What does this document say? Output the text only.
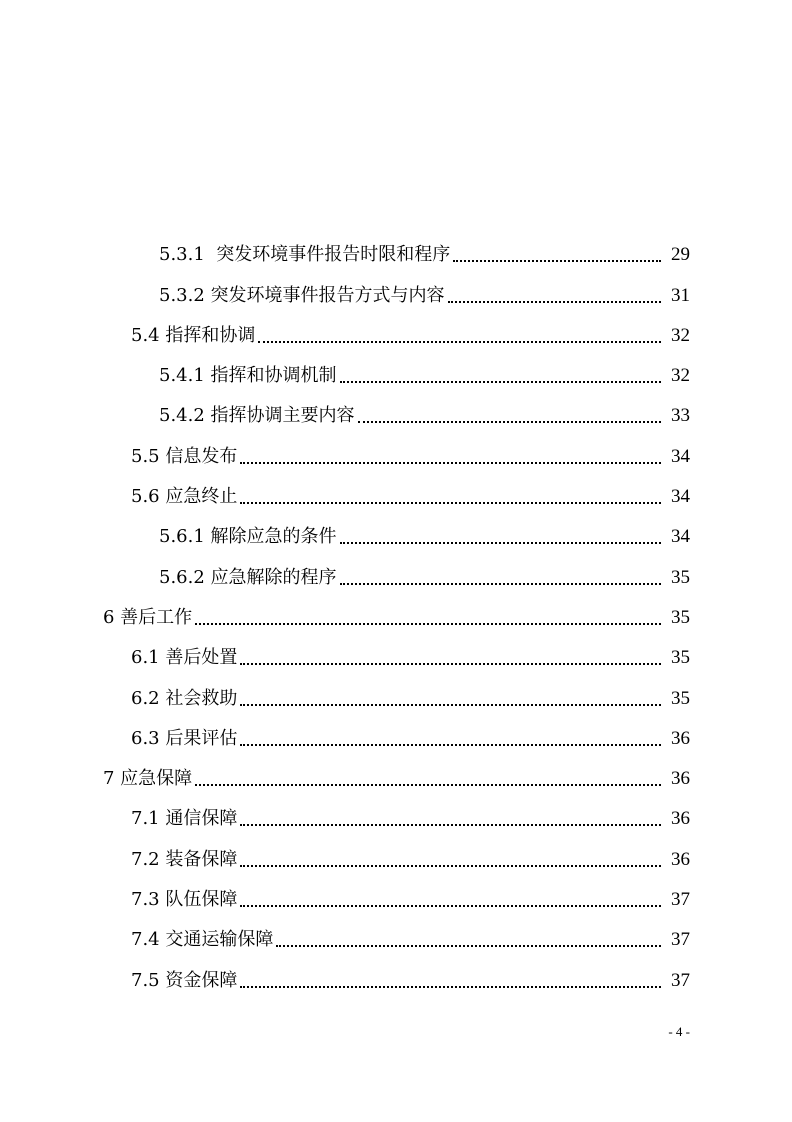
5.3.1  突发环境事件报告时限和程序	29
5.3.2 突发环境事件报告方式与内容	31
5.4 指挥和协调	32
5.4.1 指挥和协调机制	32
5.4.2 指挥协调主要内容	33
5.5 信息发布	34
5.6 应急终止	34
5.6.1 解除应急的条件	34
5.6.2 应急解除的程序	35
6 善后工作	35
6.1 善后处置	35
6.2 社会救助	35
6.3 后果评估	36
7 应急保障	36
7.1 通信保障	36
7.2 装备保障	36
7.3 队伍保障	37
7.4 交通运输保障	37
7.5 资金保障	37
- 4 -
